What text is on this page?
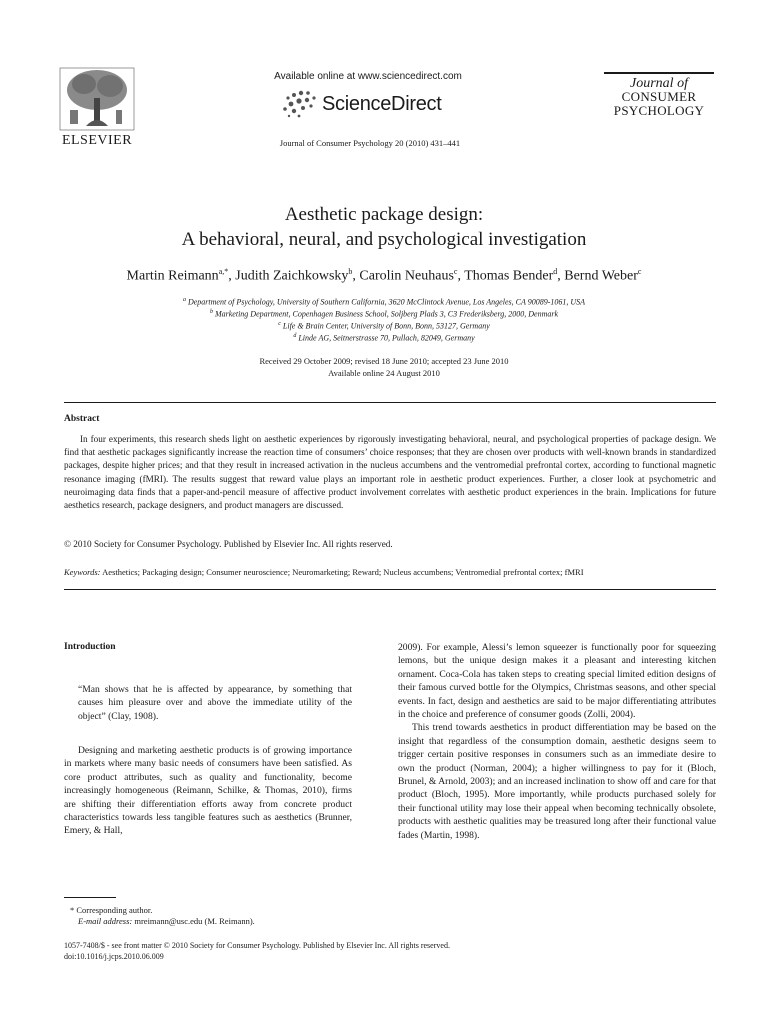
ELSEVIER
Available online at www.sciencedirect.com
ScienceDirect
Journal of Consumer Psychology 20 (2010) 431–441
Journal of
CONSUMER
PSYCHOLOGY
Aesthetic package design:
A behavioral, neural, and psychological investigation
Martin Reimann$^{a,*}$, Judith Zaichkowsky$^b$, Carolin Neuhaus$^c$, Thomas Bender$^d$, Bernd Weber$^c$
$^a$ Department of Psychology, University of Southern California, 3620 McClintock Avenue, Los Angeles, CA 90089-1061, USA
$^b$ Marketing Department, Copenhagen Business School, Soljberg Plads 3, C3 Frederiksberg, 2000, Denmark
$^c$ Life & Brain Center, University of Bonn, Bonn, 53127, Germany
$^d$ Linde AG, Seitnerstrasse 70, Pullach, 82049, Germany
Received 29 October 2009; revised 18 June 2010; accepted 23 June 2010
Available online 24 August 2010
Abstract
In four experiments, this research sheds light on aesthetic experiences by rigorously investigating behavioral, neural, and psychological properties of package design. We find that aesthetic packages significantly increase the reaction time of consumers’ choice responses; that they are chosen over products with well-known brands in standardized packages, despite higher prices; and that they result in increased activation in the nucleus accumbens and the ventromedial prefrontal cortex, according to functional magnetic resonance imaging (fMRI). The results suggest that reward value plays an important role in aesthetic product experiences. Further, a closer look at psychometric and neuroimaging data finds that a paper-and-pencil measure of affective product involvement correlates with aesthetic product experiences in the brain. Implications for future aesthetics research, package designers, and product managers are discussed.
© 2010 Society for Consumer Psychology. Published by Elsevier Inc. All rights reserved.
Keywords: Aesthetics; Packaging design; Consumer neuroscience; Neuromarketing; Reward; Nucleus accumbens; Ventromedial prefrontal cortex; fMRI
Introduction
“Man shows that he is affected by appearance, by something that causes him pleasure over and above the immediate utility of the object” (Clay, 1908).
Designing and marketing aesthetic products is of growing importance in markets where many basic needs of consumers have been satisfied. As core product attributes, such as quality and functionality, become increasingly homogeneous (Reimann, Schilke, & Thomas, 2010), firms are shifting their differentiation efforts away from concrete product characteristics towards less tangible features such as aesthetics (Brunner, Emery, & Hall,

2009). For example, Alessi’s lemon squeezer is functionally poor for squeezing lemons, but the unique design makes it a pleasant and interesting kitchen ornament. Coca-Cola has taken steps to creating special limited edition designs of their famous curved bottle for the Olympics, Christmas seasons, and other special events. In fact, design and aesthetics are said to be major differentiating attributes in the choice and preference of consumer goods (Zolli, 2004).

This trend towards aesthetics in product differentiation may be based on the insight that regardless of the consumption domain, aesthetic designs seem to trigger certain positive responses in consumers such as an immediate desire to own the product (Norman, 2004); a higher willingness to pay for it (Bloch, Brunel, & Arnold, 2003); and an increased inclination to show off and care for that product (Bloch, 1995). More importantly, while products purchased solely for their functional utility may lose their appeal when becoming technically obsolete, products with aesthetic qualities may be treasured long after their functional value fades (Martin, 1998).

* Corresponding author.
E-mail address: mreimann@usc.edu (M. Reimann).
1057-7408/$ - see front matter © 2010 Society for Consumer Psychology. Published by Elsevier Inc. All rights reserved.
doi:10.1016/j.jcps.2010.06.009
